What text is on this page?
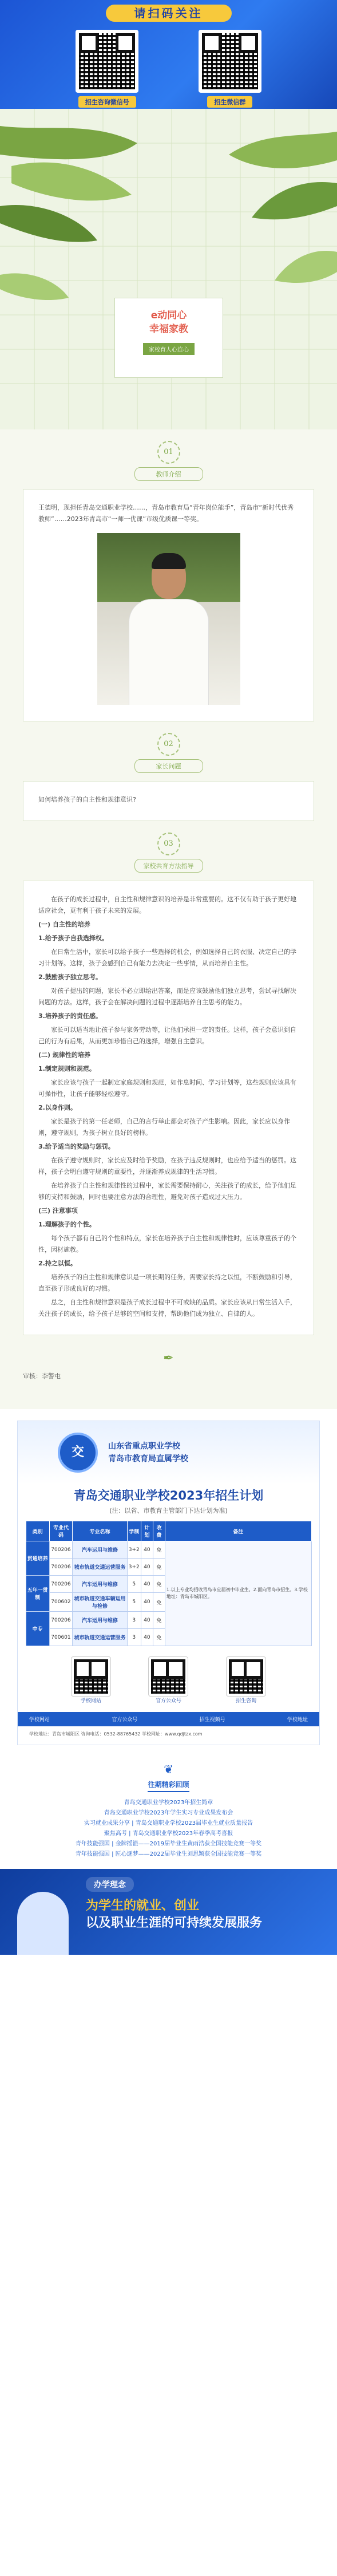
请扫码关注
招生咨询微信号	招生微信群
e动同心
幸福家教
家校育人心连心
01
教师介绍

王德明，现担任青岛交通职业学校……，青岛市教育局“青年岗位能手”，青岛市“新时代优秀教师”……2023年青岛市“一师一优课”市级优质课一等奖。

02
家长问题

如何培养孩子的自主性和规律意识?

03
家校共育方法指导

在孩子的成长过程中，自主性和规律意识的培养是非常重要的。这不仅有助于孩子更好地适应社会，更有利于孩子未来的发展。

(一) 自主性的培养

1.给予孩子自我选择权。

在日常生活中，家长可以给予孩子一些选择的机会，例如选择自己的衣服、决定自己的学习计划等。这样，孩子会感到自己有能力去决定一些事情，从而培养自主性。

2.鼓励孩子独立思考。

对孩子提出的问题，家长不必立即给出答案，而是应该鼓励他们独立思考，尝试寻找解决问题的方法。这样，孩子会在解决问题的过程中逐渐培养自主思考的能力。

3.培养孩子的责任感。

家长可以适当地让孩子参与家务劳动等，让他们承担一定的责任。这样，孩子会意识到自己的行为有后果，从而更加珍惜自己的选择，增强自主意识。

(二) 规律性的培养

1.制定规则和规范。

家长应该与孩子一起制定家庭规则和规范，如作息时间、学习计划等，这些规则应该具有可操作性，让孩子能够轻松遵守。

2.以身作则。

家长是孩子的第一任老师，自己的言行举止都会对孩子产生影响。因此，家长应以身作则，遵守规则，为孩子树立良好的榜样。

3.给予适当的奖励与惩罚。

在孩子遵守规则时，家长应及时给予奖励，在孩子违反规则时，也应给予适当的惩罚。这样，孩子会明白遵守规则的重要性，并逐渐养成规律的生活习惯。

在培养孩子自主性和规律性的过程中，家长需要保持耐心，关注孩子的成长，给予他们足够的支持和鼓励，同时也要注意方法的合理性，避免对孩子造成过大压力。

(三) 注意事项

1.理解孩子的个性。

每个孩子都有自己的个性和特点，家长在培养孩子自主性和规律性时，应该尊重孩子的个性，因材施教。

2.持之以恒。

培养孩子的自主性和规律意识是一项长期的任务，需要家长持之以恒，不断鼓励和引导，直至孩子形成良好的习惯。

总之，自主性和规律意识是孩子成长过程中不可或缺的品质。家长应该从日常生活入手，关注孩子的成长，给予孩子足够的空间和支持，帮助他们成为独立、自律的人。

✒
审核：李警屯
交	山东省重点职业学校
青岛市教育局直属学校
青岛交通职业学校2023年招生计划
(注：以省、市教育主管部门下达计划为准)
类别	专业代码	专业名称	学制	计划	收费	备注
贯通培养	700206	汽车运用与维修	3+2	40	免	1.以上专业均招收青岛市应届初中毕业生。2.面向青岛市招生。3.学校地址：青岛市城阳区。
	700206	城市轨道交通运营服务	3+2	40	免	
五年一贯制	700206	汽车运用与维修	5	40	免	
	700602	城市轨道交通车辆运用与检修	5	40	免	
中专	700206	汽车运用与维修	3	40	免	
	700601	城市轨道交通运营服务	3	40	免	
学校网站	官方公众号	招生咨询
学校网站	官方公众号	招生视频号	学校地址
学校地址：青岛市城阳区 咨询电话：0532-88765432 学校网址：www.qdjtzx.com
❦
往期精彩回顾
青岛交通职业学校2023年招生简章
青岛交通职业学校2023年学生实习专业成果发布会
实习就业成果分享 | 青岛交通职业学校2023届毕业生就业质量报告
聚焦高考 | 青岛交通职业学校2023年春季高考喜报
青年技能强国 | 金牌摇篮——2019届毕业生黄雨浩获全国技能竞赛一等奖
青年技能强国 | 匠心逐梦——2022届毕业生刘思颖获全国技能竞赛一等奖
办学理念
为学生的就业、创业
以及职业生涯的可持续发展服务
